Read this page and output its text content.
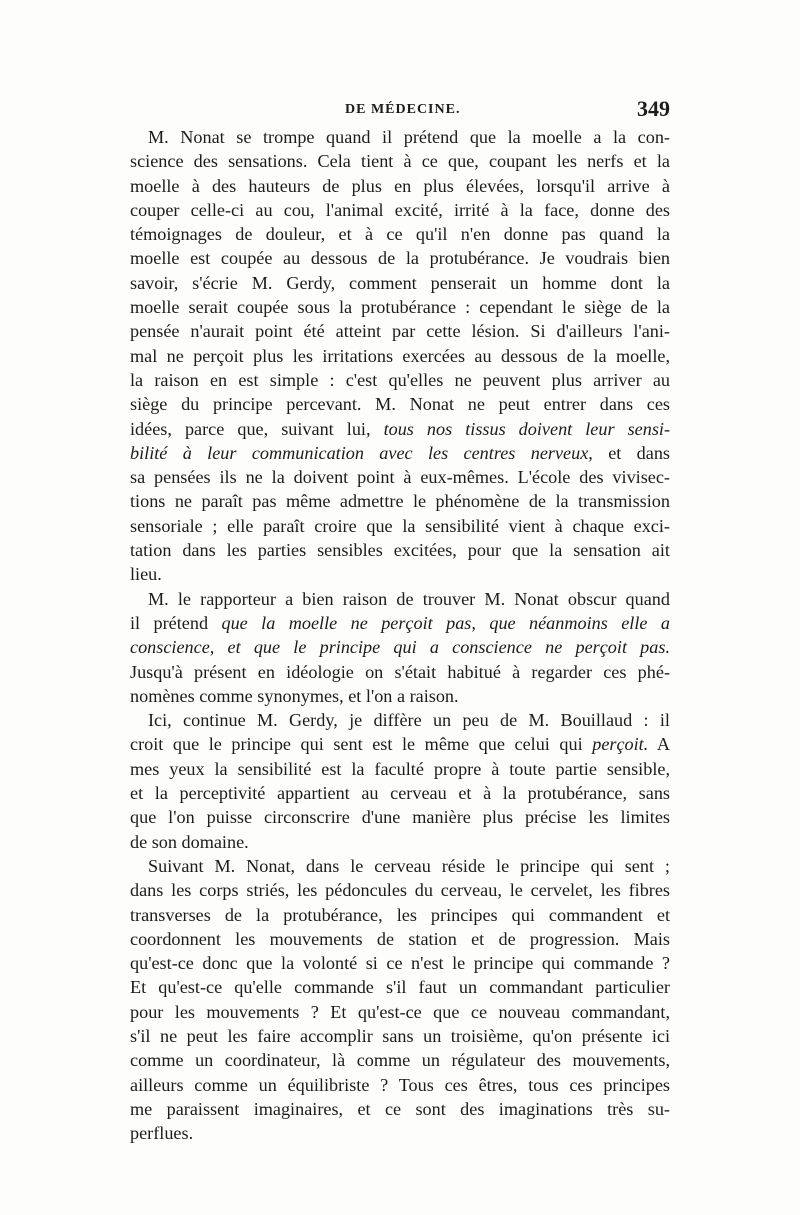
DE MÉDECINE.	349
M. Nonat se trompe quand il prétend que la moelle a la con-
science des sensations. Cela tient à ce que, coupant les nerfs et la
moelle à des hauteurs de plus en plus élevées, lorsqu'il arrive à
couper celle-ci au cou, l'animal excité, irrité à la face, donne des
témoignages de douleur, et à ce qu'il n'en donne pas quand la
moelle est coupée au dessous de la protubérance. Je voudrais bien
savoir, s'écrie M. Gerdy, comment penserait un homme dont la
moelle serait coupée sous la protubérance : cependant le siège de la
pensée n'aurait point été atteint par cette lésion. Si d'ailleurs l'ani-
mal ne perçoit plus les irritations exercées au dessous de la moelle,
la raison en est simple : c'est qu'elles ne peuvent plus arriver au
siège du principe percevant. M. Nonat ne peut entrer dans ces
idées, parce que, suivant lui, tous nos tissus doivent leur sensi-
bilité à leur communication avec les centres nerveux, et dans
sa pensées ils ne la doivent point à eux-mêmes. L'école des vivisec-
tions ne paraît pas même admettre le phénomène de la transmission
sensoriale ; elle paraît croire que la sensibilité vient à chaque exci-
tation dans les parties sensibles excitées, pour que la sensation ait
lieu.
M. le rapporteur a bien raison de trouver M. Nonat obscur quand
il prétend que la moelle ne perçoit pas, que néanmoins elle a
conscience, et que le principe qui a conscience ne perçoit pas.
Jusqu'à présent en idéologie on s'était habitué à regarder ces phé-
nomènes comme synonymes, et l'on a raison.
Ici, continue M. Gerdy, je diffère un peu de M. Bouillaud : il
croit que le principe qui sent est le même que celui qui perçoit. A
mes yeux la sensibilité est la faculté propre à toute partie sensible,
et la perceptivité appartient au cerveau et à la protubérance, sans
que l'on puisse circonscrire d'une manière plus précise les limites
de son domaine.
Suivant M. Nonat, dans le cerveau réside le principe qui sent ;
dans les corps striés, les pédoncules du cerveau, le cervelet, les fibres
transverses de la protubérance, les principes qui commandent et
coordonnent les mouvements de station et de progression. Mais
qu'est-ce donc que la volonté si ce n'est le principe qui commande ?
Et qu'est-ce qu'elle commande s'il faut un commandant particulier
pour les mouvements ? Et qu'est-ce que ce nouveau commandant,
s'il ne peut les faire accomplir sans un troisième, qu'on présente ici
comme un coordinateur, là comme un régulateur des mouvements,
ailleurs comme un équilibriste ? Tous ces êtres, tous ces principes
me paraissent imaginaires, et ce sont des imaginations très su-
perflues.
